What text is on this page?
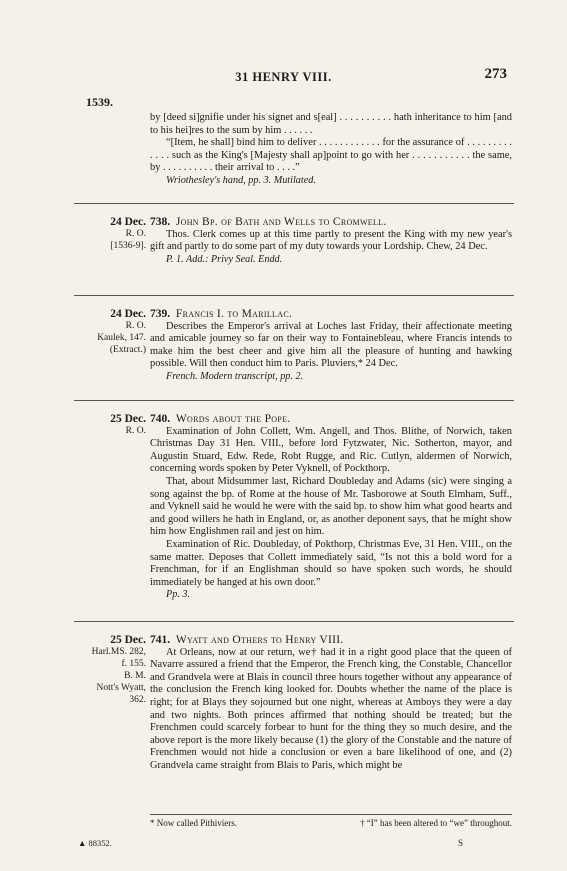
31 HENRY VIII.	273
1539.

by [deed si]gnifie under his signet and s[eal] . . . . . . . . . . hath inheritance to him [and to his hei]res to the sum by him . . . . . .

“[Item, he shall] bind him to deliver . . . . . . . . . . . . for the assurance of . . . . . . . . . . . . . such as the King's [Majesty shall ap]point to go with her . . . . . . . . . . . the same, by . . . . . . . . . . their arrival to . . . .”

Wriothesley's hand, pp. 3. Mutilated.

24 Dec.
R. O.
[1536-9].

738. John Bp. of Bath and Wells to Cromwell.

Thos. Clerk comes up at this time partly to present the King with my new year's gift and partly to do some part of my duty towards your Lordship. Chew, 24 Dec.

P. 1. Add.: Privy Seal. Endd.

24 Dec.
R. O.
Kaulek, 147.
(Extract.)

739. Francis I. to Marillac.

Describes the Emperor's arrival at Loches last Friday, their affectionate meeting and amicable journey so far on their way to Fontainebleau, where Francis intends to make him the best cheer and give him all the pleasure of hunting and hawking possible. Will then conduct him to Paris. Pluviers,* 24 Dec.

French. Modern transcript, pp. 2.

25 Dec.
R. O.

740. Words about the Pope.

Examination of John Collett, Wm. Angell, and Thos. Blithe, of Norwich, taken Christmas Day 31 Hen. VIII., before lord Fytzwater, Nic. Sotherton, mayor, and Augustin Stuard, Edw. Rede, Robt Rugge, and Ric. Cutlyn, aldermen of Norwich, concerning words spoken by Peter Vyknell, of Pockthorp.

That, about Midsummer last, Richard Doubleday and Adams (sic) were singing a song against the bp. of Rome at the house of Mr. Tasborowe at South Elmham, Suff., and Vyknell said he would he were with the said bp. to show him what good hearts and and good willers he hath in England, or, as another deponent says, that he might show him how Englishmen rail and jest on him.

Examination of Ric. Doubleday, of Pokthorp, Christmas Eve, 31 Hen. VIII., on the same matter. Deposes that Collett immediately said, “Is not this a bold word for a Frenchman, for if an Englishman should so have spoken such words, he should immediately be hanged at his own door.”

Pp. 3.

25 Dec.
Harl.MS. 282,
f. 155.
B. M.
Nott's Wyatt,
362.

741. Wyatt and Others to Henry VIII.

At Orleans, now at our return, we† had it in a right good place that the queen of Navarre assured a friend that the Emperor, the French king, the Constable, Chancellor and Grandvela were at Blais in council three hours together without any appearance of the conclusion the French king looked for. Doubts whether the name of the place is right; for at Blays they sojourned but one night, whereas at Amboys they were a day and two nights. Both princes affirmed that nothing should be treated; but the Frenchmen could scarcely forbear to hunt for the thing they so much desire, and the above report is the more likely because (1) the glory of the Constable and the nature of Frenchmen would not hide a conclusion or even a bare likelihood of one, and (2) Grandvela came straight from Blais to Paris, which might be

* Now called Pithiviers.	† “I” has been altered to “we” throughout.
▲ 88352.	S
